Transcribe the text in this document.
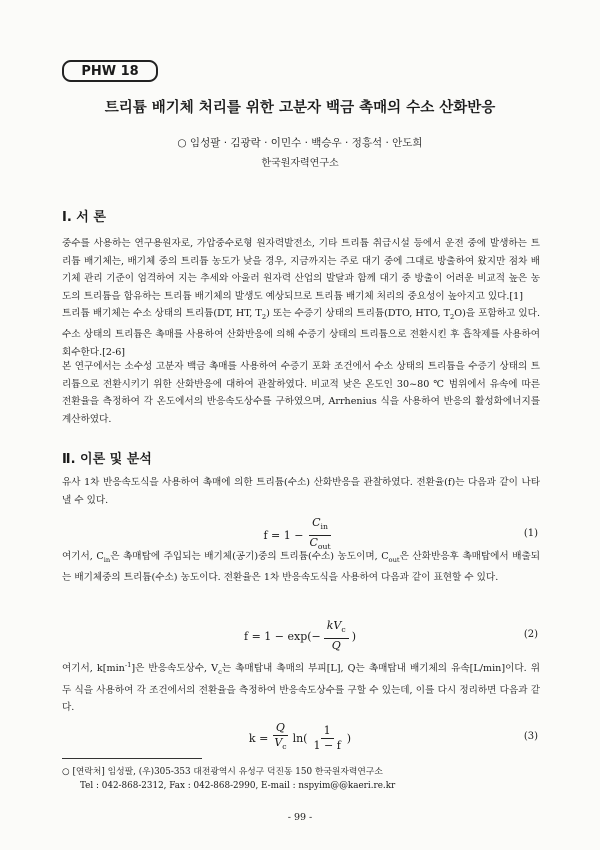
PHW 18
트리튬 배기체 처리를 위한 고분자 백금 촉매의 수소 산화반응
○ 임성팔 · 김광락 · 이민수 · 백승우 · 정흥석 · 안도희
한국원자력연구소
Ⅰ. 서 론

중수를 사용하는 연구용원자로, 가압중수로형 원자력발전소, 기타 트리튬 취급시설 등에서 운전 중에 발생하는 트리튬 배기체는, 배기체 중의 트리튬 농도가 낮을 경우, 지금까지는 주로 대기 중에 그대로 방출하여 왔지만 점차 배기체 관리 기준이 엄격하여 지는 추세와 아울러 원자력 산업의 발달과 함께 대기 중 방출이 어려운 비교적 높은 농도의 트리튬을 함유하는 트리튬 배기체의 발생도 예상되므로 트리튬 배기체 처리의 중요성이 높아지고 있다.[1]

트리튬 배기체는 수소 상태의 트리튬(DT, HT, $T_2$) 또는 수증기 상태의 트리튬(DTO, HTO, $T_2O$)을 포함하고 있다. 수소 상태의 트리튬은 촉매를 사용하여 산화반응에 의해 수증기 상태의 트리튬으로 전환시킨 후 흡착제를 사용하여 회수한다.[2-6]

본 연구에서는 소수성 고분자 백금 촉매를 사용하여 수증기 포화 조건에서 수소 상태의 트리튬을 수증기 상태의 트리튬으로 전환시키기 위한 산화반응에 대하여 관찰하였다. 비교적 낮은 온도인 30~80 ℃ 범위에서 유속에 따른 전환율을 측정하여 각 온도에서의 반응속도상수를 구하였으며, Arrhenius 식을 사용하여 반응의 활성화에너지를 계산하였다.

Ⅱ. 이론 및 분석

유사 1차 반응속도식을 사용하여 촉매에 의한 트리튬(수소) 산화반응을 관찰하였다. 전환율(f)는 다음과 같이 나타낼 수 있다.

$f = 1 - \frac{C_{in}}{C_{out}}$	(1)

여기서, $C_{in}$은 촉매탑에 주입되는 배기체(공기)중의 트리튬(수소) 농도이며, $C_{out}$은 산화반응후 촉매탑에서 배출되는 배기체중의 트리튬(수소) 농도이다. 전환율은 1차 반응속도식을 사용하여 다음과 같이 표현할 수 있다.

$f = 1 - \exp(- \frac{kV_c}{Q}$ )	(2)

여기서, $k[\min^{-1}]$은 반응속도상수, $V_c$는 촉매탑내 촉매의 부피[L], Q는 촉매탑내 배기체의 유속[L/min]이다. 위 두 식을 사용하여 각 조건에서의 전환율을 측정하여 반응속도상수를 구할 수 있는데, 이를 다시 정리하면 다음과 같다.

$k = \frac{Q}{V_c} \ln( \frac{1}{1 - f}$ )	(3)
○ [연락처] 임성팔, (우)305-353 대전광역시 유성구 덕진동 150 한국원자력연구소
Tel : 042-868-2312, Fax : 042-868-2990, E-mail : nspyim@@kaeri.re.kr
- 99 -
